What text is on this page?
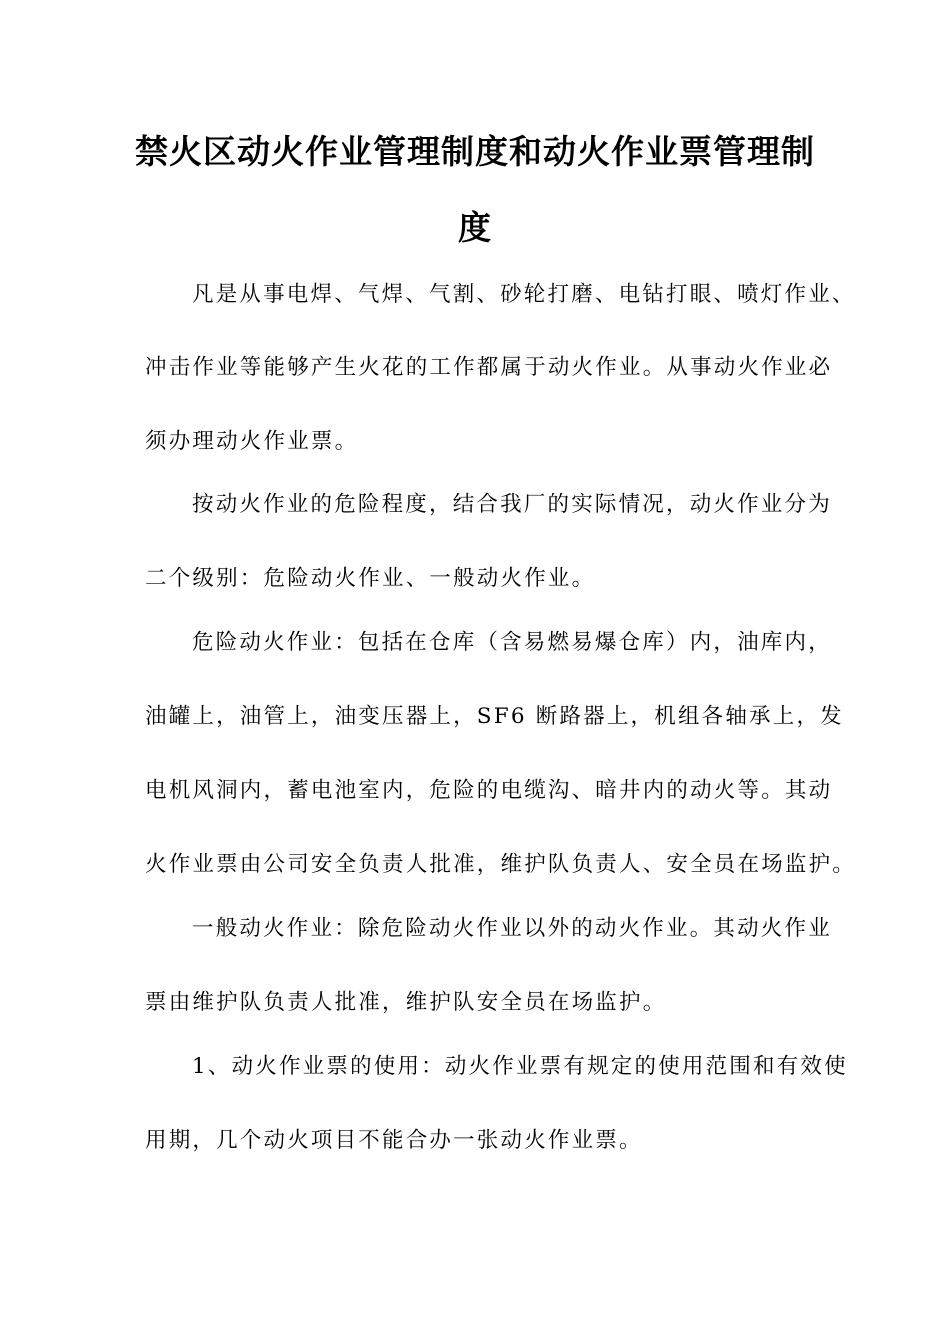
禁火区动火作业管理制度和动火作业票管理制
度
凡是从事电焊、气焊、气割、砂轮打磨、电钻打眼、喷灯作业、
冲击作业等能够产生火花的工作都属于动火作业。从事动火作业必
须办理动火作业票。
按动火作业的危险程度，结合我厂的实际情况，动火作业分为
二个级别：危险动火作业、一般动火作业。
危险动火作业：包括在仓库（含易燃易爆仓库）内，油库内，
油罐上，油管上，油变压器上，SF6 断路器上，机组各轴承上，发
电机风洞内，蓄电池室内，危险的电缆沟、暗井内的动火等。其动
火作业票由公司安全负责人批准，维护队负责人、安全员在场监护。
一般动火作业：除危险动火作业以外的动火作业。其动火作业
票由维护队负责人批准，维护队安全员在场监护。
1、动火作业票的使用：动火作业票有规定的使用范围和有效使
用期，几个动火项目不能合办一张动火作业票。
